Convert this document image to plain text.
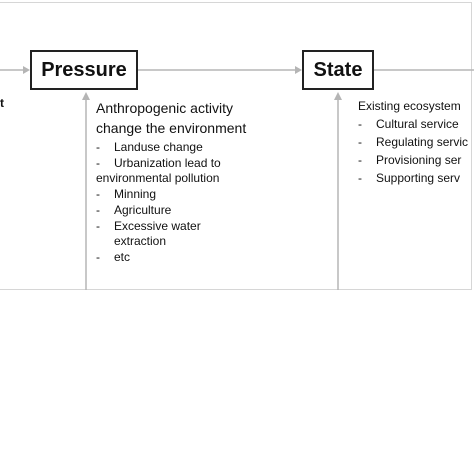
t
Pressure	State
Anthropogenic activity
change the environment
- Landuse change
- Urbanization lead to
environmental pollution
- Minning
- Agriculture
- Excessive water
extraction
- etc
Existing ecosystem
- Cultural service
- Regulating servic
- Provisioning ser
- Supporting serv
